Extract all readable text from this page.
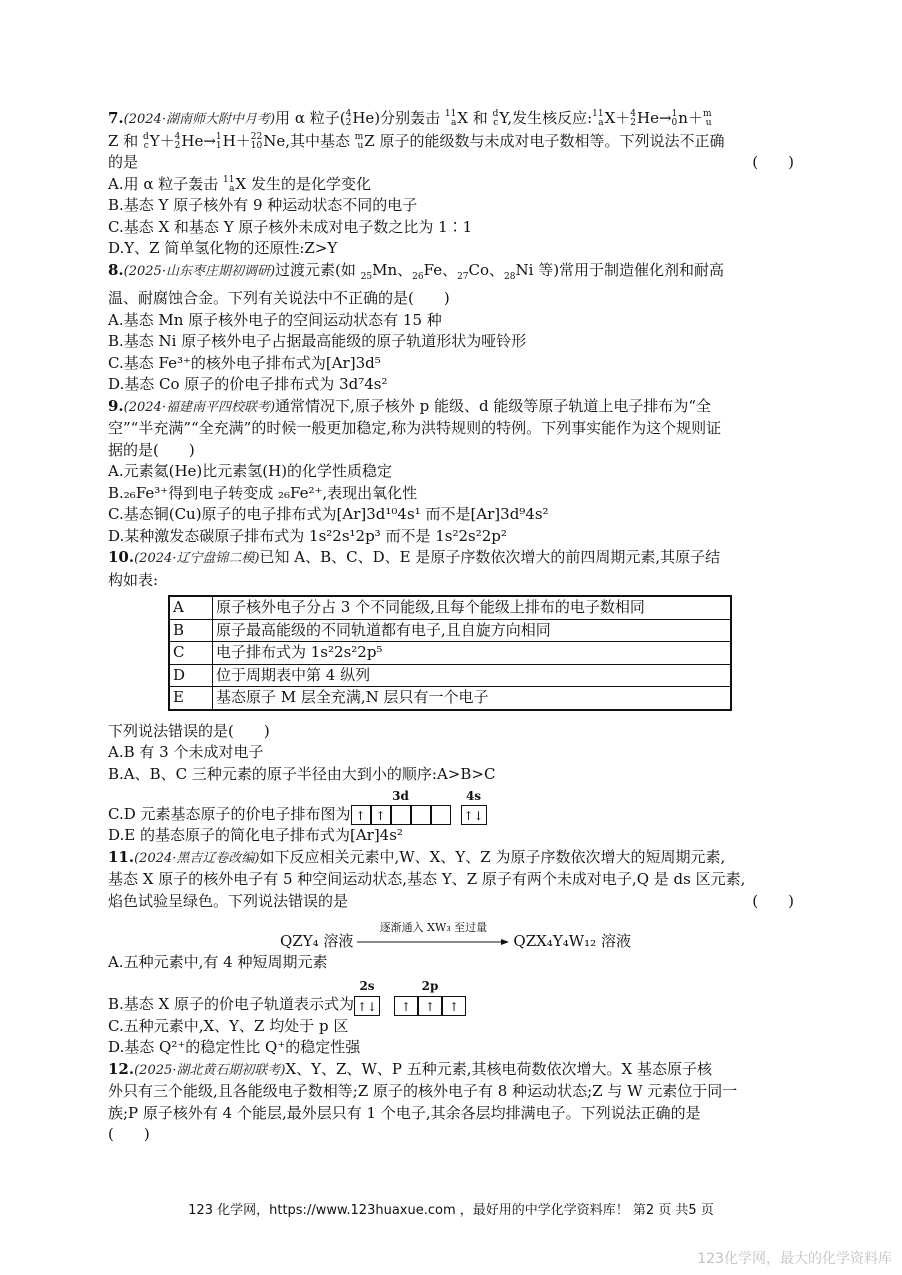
7.(2024·湖南师大附中月考)用 α 粒子( 4
2 He)分别轰击 11
a X 和 d
c Y,发生核反应: 11
a X＋ 4
2 He→ 1
0 n＋ m
u

Z 和 d
c Y＋ 4
2 He→ 1
1 H＋ 22
10 Ne,其中基态 m
u Z 原子的能级数与未成对电子数相等。下列说法不正确

的是	(　　)

A.用 α 粒子轰击 11
a X 发生的是化学变化

B.基态 Y 原子核外有 9 种运动状态不同的电子

C.基态 X 和基态 Y 原子核外未成对电子数之比为 1∶1

D.Y、Z 简单氢化物的还原性:Z>Y

8.(2025·山东枣庄期初调研)过渡元素(如 $_{25}$Mn、$_{26}$Fe、$_{27}$Co、$_{28}$Ni 等)常用于制造催化剂和耐高

温、耐腐蚀合金。下列有关说法中不正确的是(　　)

A.基态 Mn 原子核外电子的空间运动状态有 15 种

B.基态 Ni 原子核外电子占据最高能级的原子轨道形状为哑铃形

C.基态 Fe³⁺的核外电子排布式为[Ar]3d⁵

D.基态 Co 原子的价电子排布式为 3d⁷4s²

9.(2024·福建南平四校联考)通常情况下,原子核外 p 能级、d 能级等原子轨道上电子排布为“全

空”“半充满”“全充满”的时候一般更加稳定,称为洪特规则的特例。下列事实能作为这个规则证

据的是(　　)

A.元素氦(He)比元素氢(H)的化学性质稳定

B.₂₆Fe³⁺得到电子转变成 ₂₆Fe²⁺,表现出氧化性

C.基态铜(Cu)原子的电子排布式为[Ar]3d¹⁰4s¹ 而不是[Ar]3d⁹4s²

D.某种激发态碳原子排布式为 1s²2s¹2p³ 而不是 1s²2s²2p²

10.(2024·辽宁盘锦二模)已知 A、B、C、D、E 是原子序数依次增大的前四周期元素,其原子结

构如表:

A	原子核外电子分占 3 个不同能级,且每个能级上排布的电子数相同
B	原子最高能级的不同轨道都有电子,且自旋方向相同
C	电子排布式为 1s²2s²2p⁵
D	位于周期表中第 4 纵列
E	基态原子 M 层全充满,N 层只有一个电子

下列说法错误的是(　　)

A.B 有 3 个未成对电子

B.A、B、C 三种元素的原子半径由大到小的顺序:A>B>C

C.D 元素基态原子的价电子排布图为
3d
↑ ↑
4s
↑↓

D.E 的基态原子的简化电子排布式为[Ar]4s²

11.(2024·黑吉辽卷改编)如下反应相关元素中,W、X、Y、Z 为原子序数依次增大的短周期元素,

基态 X 原子的核外电子有 5 种空间运动状态,基态 Y、Z 原子有两个未成对电子,Q 是 ds 区元素,

焰色试验呈绿色。下列说法错误的是	(　　)

QZY₄ 溶液
逐渐通入 XW₃ 至过量
QZX₄Y₄W₁₂ 溶液

A.五种元素中,有 4 种短周期元素

B.基态 X 原子的价电子轨道表示式为
2s
↑↓
2p
↑ ↑ ↑

C.五种元素中,X、Y、Z 均处于 p 区

D.基态 Q²⁺的稳定性比 Q⁺的稳定性强

12.(2025·湖北黄石期初联考)X、Y、Z、W、P 五种元素,其核电荷数依次增大。X 基态原子核

外只有三个能级,且各能级电子数相等;Z 原子的核外电子有 8 种运动状态;Z 与 W 元素位于同一

族;P 原子核外有 4 个能层,最外层只有 1 个电子,其余各层均排满电子。下列说法正确的是

(　　)

123 化学网，https://www.123huaxue.com ，最好用的中学化学资料库！ 第2 页 共5 页
123化学网，最大的化学资料库
